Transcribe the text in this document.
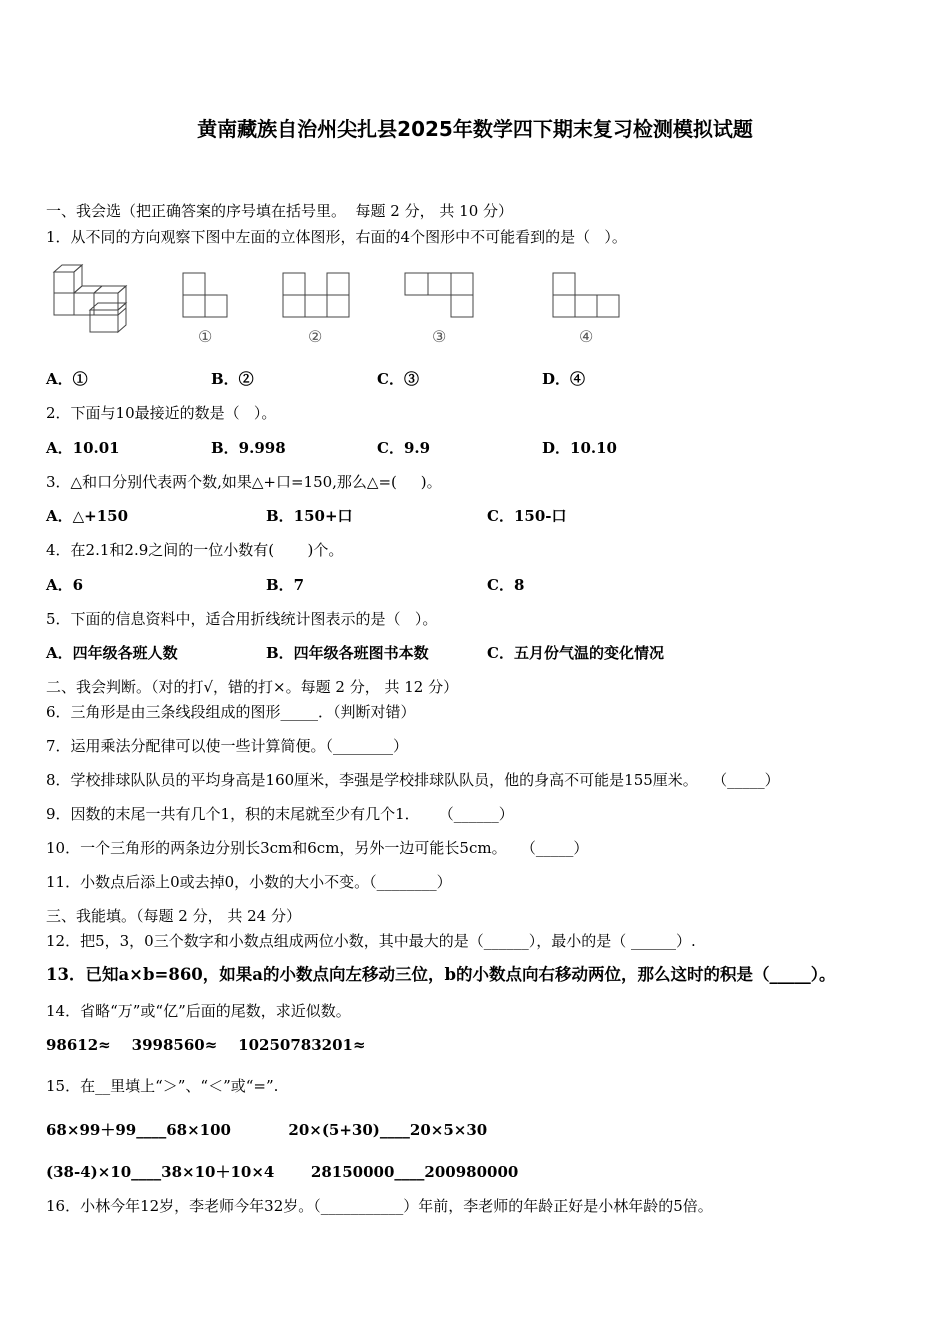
黄南藏族自治州尖扎县2025年数学四下期末复习检测模拟试题
一、我会选（把正确答案的序号填在括号里。  每题 2 分， 共 10 分）
1．从不同的方向观察下图中左面的立体图形，右面的4个图形中不可能看到的是（   ）。
①	②	③	④
A．①	B．②	C．③	D．④
2．下面与10最接近的数是（   ）。
A．10.01	B．9.998	C．9.9	D．10.10
3．△和口分别代表两个数,如果△+口=150,那么△=(     )。
A．△+150	B．150+口	C．150-口
4．在2.1和2.9之间的一位小数有(       )个。
A．6	B．7	C．8
5．下面的信息资料中，适合用折线统计图表示的是（   ）。
A．四年级各班人数	B．四年级各班图书本数	C．五月份气温的变化情况
二、我会判断。（对的打√，错的打×。每题 2 分， 共 12 分）
6．三角形是由三条线段组成的图形_____．（判断对错）
7．运用乘法分配律可以使一些计算简便。（________）
8．学校排球队队员的平均身高是160厘米，李强是学校排球队队员，他的身高不可能是155厘米。   （_____）
9．因数的末尾一共有几个1，积的末尾就至少有几个1．    （______）
10．一个三角形的两条边分别长3cm和6cm，另外一边可能长5cm。   （_____）
11．小数点后添上0或去掉0，小数的大小不变。（________）
三、我能填。（每题 2 分， 共 24 分）
12．把5，3，0三个数字和小数点组成两位小数，其中最大的是（______），最小的是（ ______）.
13．已知a×b=860，如果a的小数点向左移动三位，b的小数点向右移动两位，那么这时的积是（_____）。
14．省略“万”或“亿”后面的尾数，求近似数。
98612≈    3998560≈    10250783201≈
15．在__里填上“＞”、“＜”或“=”.
68×99＋99____68×100           20×(5+30)____20×5×30
(38-4)×10____38×10＋10×4       28150000____200980000
16．小林今年12岁，李老师今年32岁。（___________）年前，李老师的年龄正好是小林年龄的5倍。
